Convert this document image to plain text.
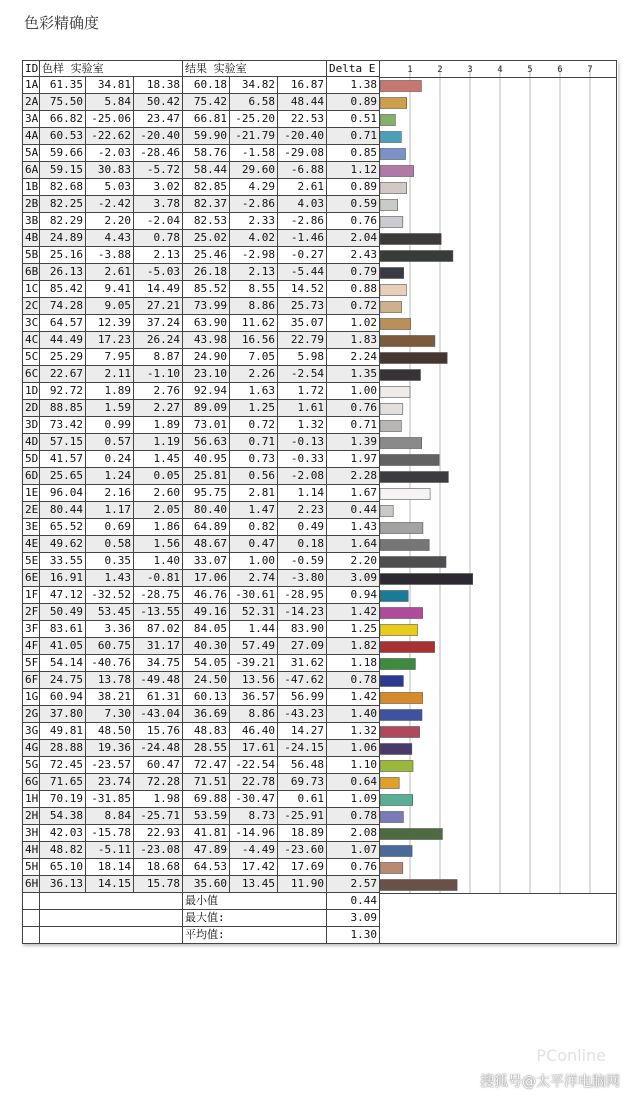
色彩精确度
ID	色样 实验室			结果 实验室			Delta E
1A	61.35	34.81	18.38	60.18	34.82	16.87	1.38
2A	75.50	5.84	50.42	75.42	6.58	48.44	0.89
3A	66.82	-25.06	23.47	66.81	-25.20	22.53	0.51
4A	60.53	-22.62	-20.40	59.90	-21.79	-20.40	0.71
5A	59.66	-2.03	-28.46	58.76	-1.58	-29.08	0.85
6A	59.15	30.83	-5.72	58.44	29.60	-6.88	1.12
1B	82.68	5.03	3.02	82.85	4.29	2.61	0.89
2B	82.25	-2.42	3.78	82.37	-2.86	4.03	0.59
3B	82.29	2.20	-2.04	82.53	2.33	-2.86	0.76
4B	24.89	4.43	0.78	25.02	4.02	-1.46	2.04
5B	25.16	-3.88	2.13	25.46	-2.98	-0.27	2.43
6B	26.13	2.61	-5.03	26.18	2.13	-5.44	0.79
1C	85.42	9.41	14.49	85.52	8.55	14.52	0.88
2C	74.28	9.05	27.21	73.99	8.86	25.73	0.72
3C	64.57	12.39	37.24	63.90	11.62	35.07	1.02
4C	44.49	17.23	26.24	43.98	16.56	22.79	1.83
5C	25.29	7.95	8.87	24.90	7.05	5.98	2.24
6C	22.67	2.11	-1.10	23.10	2.26	-2.54	1.35
1D	92.72	1.89	2.76	92.94	1.63	1.72	1.00
2D	88.85	1.59	2.27	89.09	1.25	1.61	0.76
3D	73.42	0.99	1.89	73.01	0.72	1.32	0.71
4D	57.15	0.57	1.19	56.63	0.71	-0.13	1.39
5D	41.57	0.24	1.45	40.95	0.73	-0.33	1.97
6D	25.65	1.24	0.05	25.81	0.56	-2.08	2.28
1E	96.04	2.16	2.60	95.75	2.81	1.14	1.67
2E	80.44	1.17	2.05	80.40	1.47	2.23	0.44
3E	65.52	0.69	1.86	64.89	0.82	0.49	1.43
4E	49.62	0.58	1.56	48.67	0.47	0.18	1.64
5E	33.55	0.35	1.40	33.07	1.00	-0.59	2.20
6E	16.91	1.43	-0.81	17.06	2.74	-3.80	3.09
1F	47.12	-32.52	-28.75	46.76	-30.61	-28.95	0.94
2F	50.49	53.45	-13.55	49.16	52.31	-14.23	1.42
3F	83.61	3.36	87.02	84.05	1.44	83.90	1.25
4F	41.05	60.75	31.17	40.30	57.49	27.09	1.82
5F	54.14	-40.76	34.75	54.05	-39.21	31.62	1.18
6F	24.75	13.78	-49.48	24.50	13.56	-47.62	0.78
1G	60.94	38.21	61.31	60.13	36.57	56.99	1.42
2G	37.80	7.30	-43.04	36.69	8.86	-43.23	1.40
3G	49.81	48.50	15.76	48.83	46.40	14.27	1.32
4G	28.88	19.36	-24.48	28.55	17.61	-24.15	1.06
5G	72.45	-23.57	60.47	72.47	-22.54	56.48	1.10
6G	71.65	23.74	72.28	71.51	22.78	69.73	0.64
1H	70.19	-31.85	1.98	69.88	-30.47	0.61	1.09
2H	54.38	8.84	-25.71	53.59	8.73	-25.91	0.78
3H	42.03	-15.78	22.93	41.81	-14.96	18.89	2.08
4H	48.82	-5.11	-23.08	47.89	-4.49	-23.60	1.07
5H	65.10	18.14	18.68	64.53	17.42	17.69	0.76
6H	36.13	14.15	15.78	35.60	13.45	11.90	2.57
				最小值			0.44
				最大值:			3.09
				平均值:			1.30
1	2	3	4	5	6	7
PConline
搜狐号@太平洋电脑网
